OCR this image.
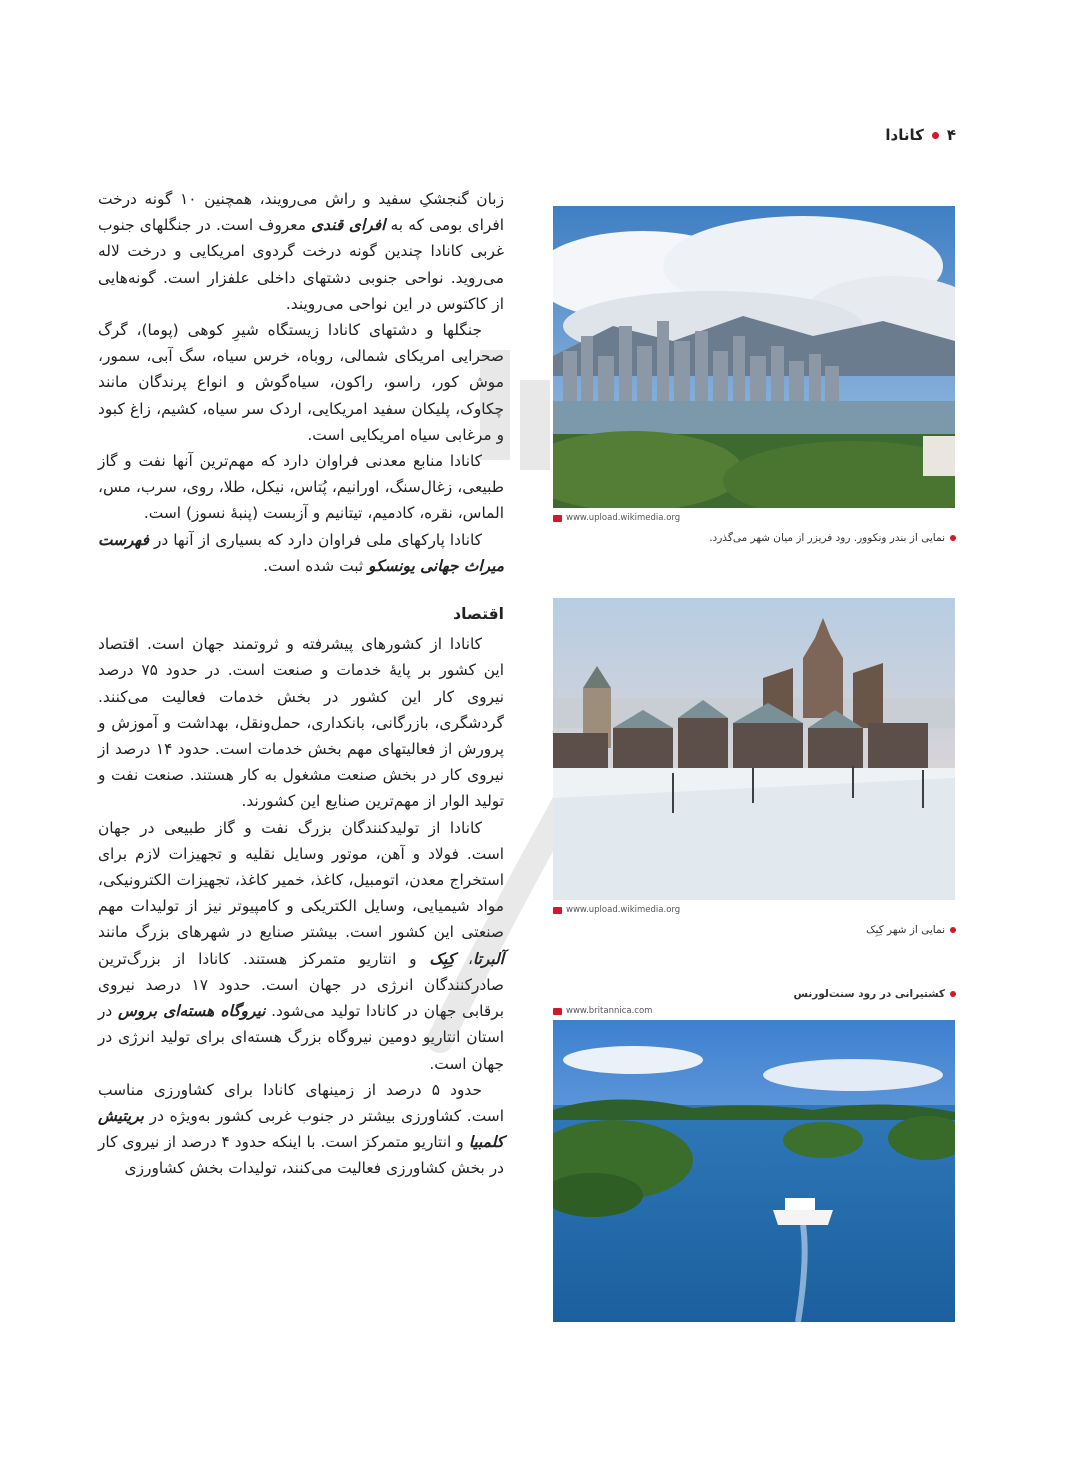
۴
کانادا

زبان گنجشکِ سفید و راش می‌رویند، همچنین ۱۰ گونه درخت افرای بومی که به افرای قندی معروف است. در جنگلهای جنوب غربی کانادا چندین گونه درخت گردوی امریکایی و درخت لاله می‌روید. نواحی جنوبی دشتهای داخلی علفزار است. گونه‌هایی از کاکتوس در این نواحی می‌رویند.

جنگلها و دشتهای کانادا زیستگاه شیرِ کوهی (پوما)، گرگ صحرایی امریکای شمالی، روباه، خرس سیاه، سگ آبی، سمور، موش کور، راسو، راکون، سیاه‌گوش و انواع پرندگان مانند چکاوک، پلیکان سفید امریکایی، اردک سر سیاه، کشیم، زاغ کبود و مرغابی سیاه امریکایی است.

کانادا منابع معدنی فراوان دارد که مهم‌ترین آنها نفت و گاز طبیعی، زغال‌سنگ، اورانیم، پُتاس، نیکل، طلا، روی، سرب، مس، الماس، نقره، کادمیم، تیتانیم و آزبست (پنبهٔ نسوز) است.

کانادا پارکهای ملی فراوان دارد که بسیاری از آنها در فهرست میراث جهانی یونسکو ثبت شده است.

اقتصاد

کانادا از کشورهای پیشرفته و ثروتمند جهان است. اقتصاد این کشور بر پایهٔ خدمات و صنعت است. در حدود ۷۵ درصد نیروی کار این کشور در بخش خدمات فعالیت می‌کنند. گردشگری، بازرگانی، بانکداری، حمل‌ونقل، بهداشت و آموزش و پرورش از فعالیتهای مهم بخش خدمات است. حدود ۱۴ درصد از نیروی کار در بخش صنعت مشغول به کار هستند. صنعت نفت و تولید الوار از مهم‌ترین صنایع این کشورند.

کانادا از تولیدکنندگان بزرگ نفت و گاز طبیعی در جهان است. فولاد و آهن، موتور وسایل نقلیه و تجهیزات لازم برای استخراج معدن، اتومبیل، کاغذ، خمیر کاغذ، تجهیزات الکترونیکی، مواد شیمیایی، وسایل الکتریکی و کامپیوتر نیز از تولیدات مهم صنعتی این کشور است. بیشتر صنایع در شهرهای بزرگ مانند آلبرتا، کِبِک و انتاریو متمرکز هستند. کانادا از بزرگ‌ترین صادرکنندگان انرژی در جهان است. حدود ۱۷ درصد نیروی برقابی جهان در کانادا تولید می‌شود. نیروگاه هسته‌ای بروس در استان انتاریو دومین نیروگاه بزرگ هسته‌ای برای تولید انرژی در جهان است.

حدود ۵ درصد از زمینهای کانادا برای کشاورزی مناسب است. کشاورزی بیشتر در جنوب غربی کشور به‌ویژه در بریتیش کلمبیا و انتاریو متمرکز است. با اینکه حدود ۴ درصد از نیروی کار در بخش کشاورزی فعالیت می‌کنند، تولیدات بخش کشاورزی

www.upload.wikimedia.org
نمایی از بندر ونکوور. رود فریزر از میان شهر می‌گذرد.
www.upload.wikimedia.org
نمایی از شهر کِبِک
کشتیرانی در رود سنت‌لورنس
www.britannica.com
